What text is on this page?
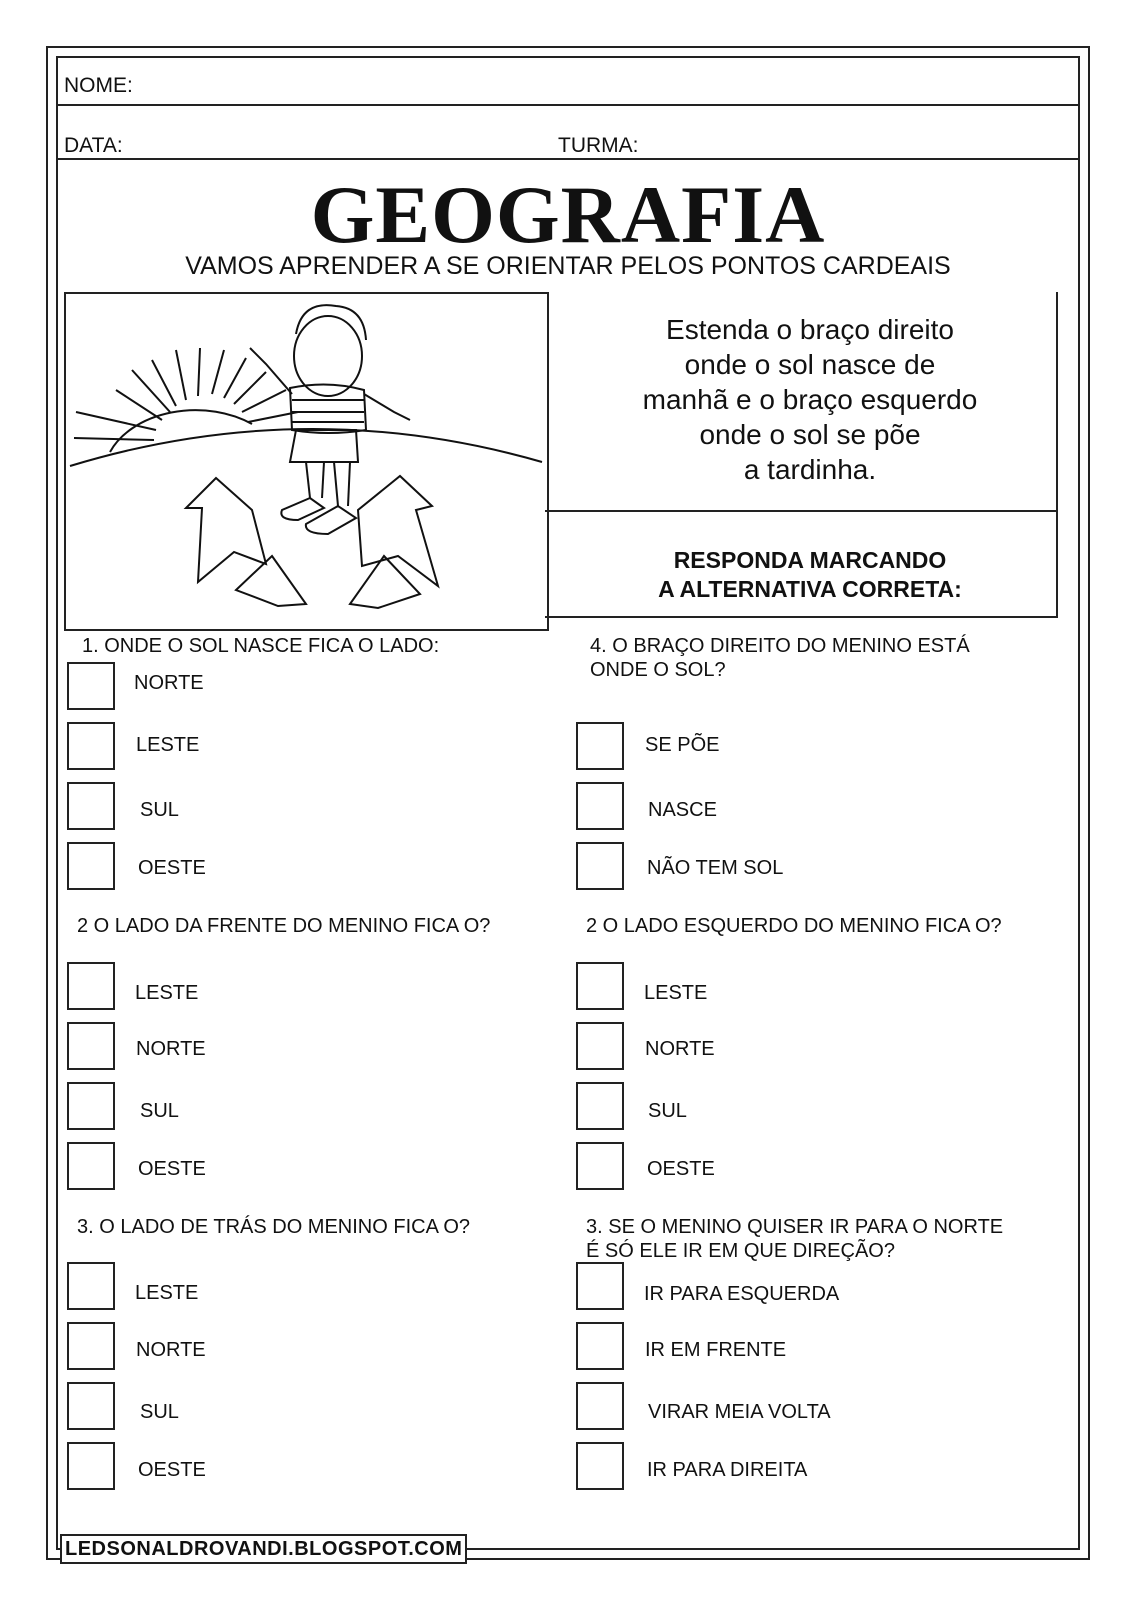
NOME:
DATA:	TURMA:
GEOGRAFIA
VAMOS APRENDER A SE ORIENTAR PELOS PONTOS CARDEAIS
Estenda o braço direito
onde o sol nasce de
manhã e o braço esquerdo
onde o sol se põe
a tardinha.
RESPONDA MARCANDO
A ALTERNATIVA CORRETA:
1. ONDE O SOL NASCE FICA O LADO:
NORTE
LESTE
SUL
OESTE
4. O BRAÇO DIREITO DO MENINO ESTÁ
ONDE O SOL?
SE PÕE
NASCE
NÃO TEM SOL
2 O LADO DA FRENTE DO MENINO FICA O?
LESTE
NORTE
SUL
OESTE
2 O LADO ESQUERDO DO MENINO FICA O?
LESTE
NORTE
SUL
OESTE
3. O LADO DE TRÁS DO MENINO FICA O?
LESTE
NORTE
SUL
OESTE
3. SE O MENINO QUISER IR PARA O NORTE
É SÓ ELE IR EM QUE DIREÇÃO?
IR PARA ESQUERDA
IR EM FRENTE
VIRAR MEIA VOLTA
IR PARA DIREITA
LEDSONALDROVANDI.BLOGSPOT.COM
